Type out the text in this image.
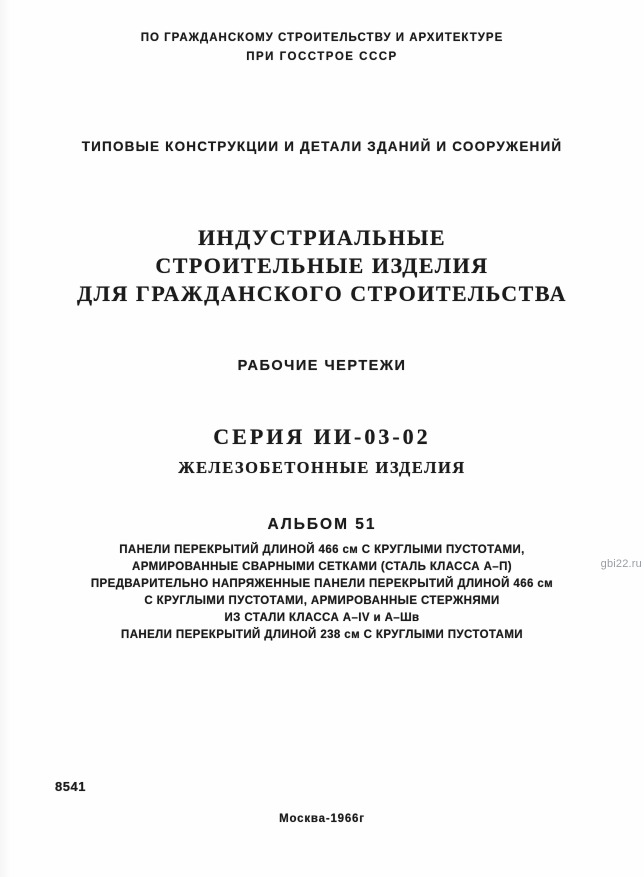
ПО ГРАЖДАНСКОМУ СТРОИТЕЛЬСТВУ И АРХИТЕКТУРЕ
ПРИ ГОССТРОЕ СССР
ТИПОВЫЕ КОНСТРУКЦИИ И ДЕТАЛИ ЗДАНИЙ И СООРУЖЕНИЙ
ИНДУСТРИАЛЬНЫЕ
СТРОИТЕЛЬНЫЕ ИЗДЕЛИЯ
ДЛЯ ГРАЖДАНСКОГО СТРОИТЕЛЬСТВА
РАБОЧИЕ ЧЕРТЕЖИ
СЕРИЯ ИИ-03-02
ЖЕЛЕЗОБЕТОННЫЕ ИЗДЕЛИЯ
АЛЬБОМ 51
ПАНЕЛИ ПЕРЕКРЫТИЙ ДЛИНОЙ 466 см С КРУГЛЫМИ ПУСТОТАМИ,
АРМИРОВАННЫЕ СВАРНЫМИ СЕТКАМИ (СТАЛЬ КЛАССА А–П)
ПРЕДВАРИТЕЛЬНО НАПРЯЖЕННЫЕ ПАНЕЛИ ПЕРЕКРЫТИЙ ДЛИНОЙ 466 см
С КРУГЛЫМИ ПУСТОТАМИ, АРМИРОВАННЫЕ СТЕРЖНЯМИ
ИЗ СТАЛИ КЛАССА А–IV и А–Шв
ПАНЕЛИ ПЕРЕКРЫТИЙ ДЛИНОЙ 238 см С КРУГЛЫМИ ПУСТОТАМИ
gbi22.ru
8541
Москва-1966г
